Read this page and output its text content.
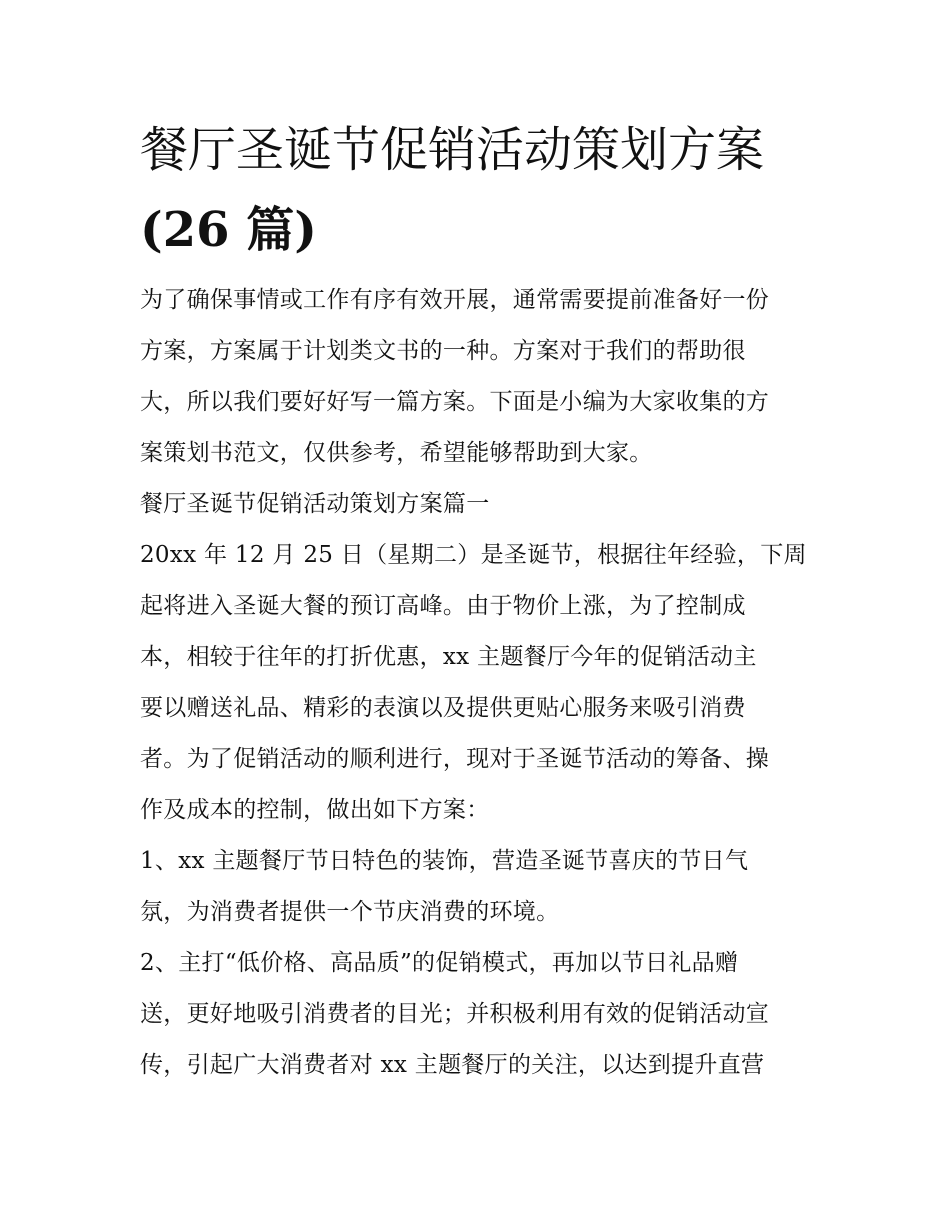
餐厅圣诞节促销活动策划方案
(26 篇)

为了确保事情或工作有序有效开展，通常需要提前准备好一份

方案，方案属于计划类文书的一种。方案对于我们的帮助很

大，所以我们要好好写一篇方案。下面是小编为大家收集的方

案策划书范文，仅供参考，希望能够帮助到大家。

餐厅圣诞节促销活动策划方案篇一

20xx 年 12 月 25 日（星期二）是圣诞节，根据往年经验，下周

起将进入圣诞大餐的预订高峰。由于物价上涨，为了控制成

本，相较于往年的打折优惠，xx 主题餐厅今年的促销活动主

要以赠送礼品、精彩的表演以及提供更贴心服务来吸引消费

者。为了促销活动的顺利进行，现对于圣诞节活动的筹备、操

作及成本的控制，做出如下方案：

1、xx 主题餐厅节日特色的装饰，营造圣诞节喜庆的节日气

氛，为消费者提供一个节庆消费的环境。

2、主打“低价格、高品质”的促销模式，再加以节日礼品赠

送，更好地吸引消费者的目光；并积极利用有效的促销活动宣

传，引起广大消费者对 xx 主题餐厅的关注，以达到提升直营
